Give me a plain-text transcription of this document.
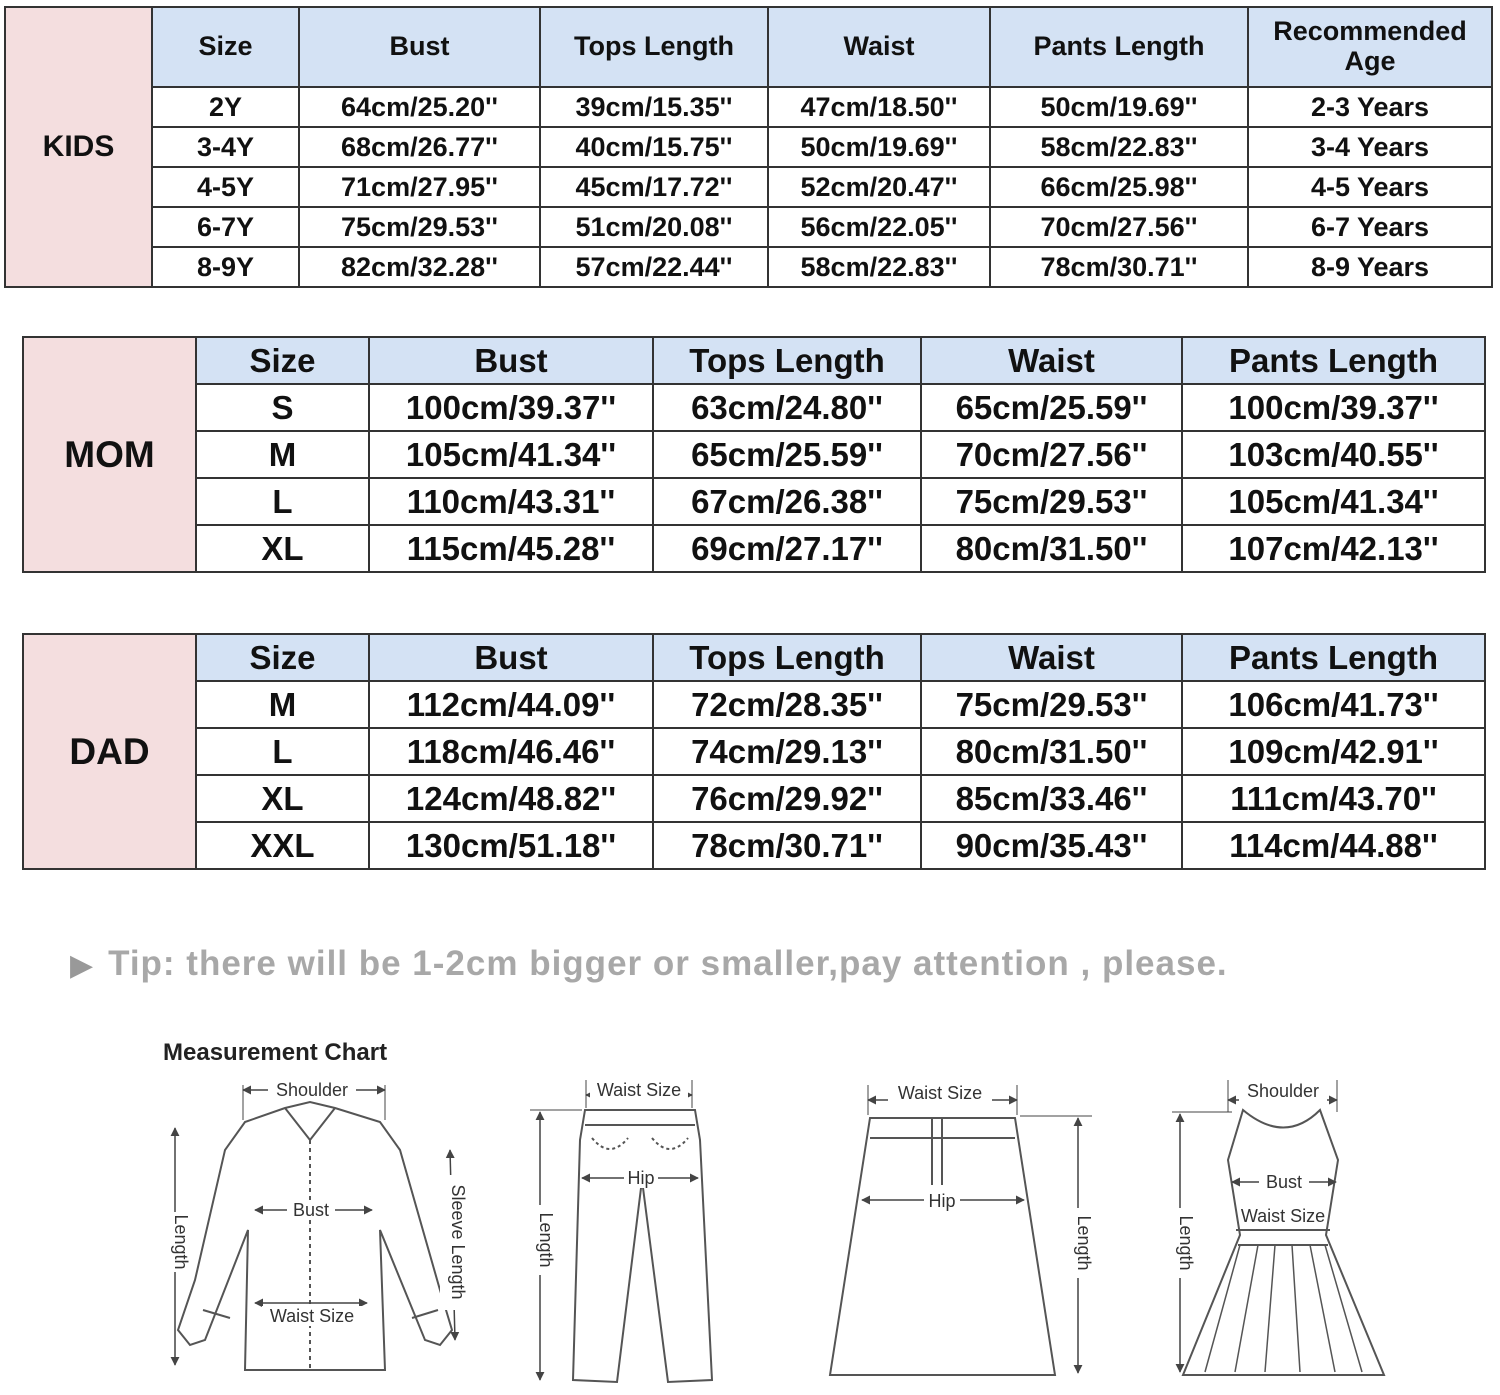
KIDS	Size	Bust	Tops Length	Waist	Pants Length	Recommended Age
	2Y	64cm/25.20''	39cm/15.35''	47cm/18.50''	50cm/19.69''	2-3 Years
	3-4Y	68cm/26.77''	40cm/15.75''	50cm/19.69''	58cm/22.83''	3-4 Years
	4-5Y	71cm/27.95''	45cm/17.72''	52cm/20.47''	66cm/25.98''	4-5 Years
	6-7Y	75cm/29.53''	51cm/20.08''	56cm/22.05''	70cm/27.56''	6-7 Years
	8-9Y	82cm/32.28''	57cm/22.44''	58cm/22.83''	78cm/30.71''	8-9 Years
MOM	Size	Bust	Tops Length	Waist	Pants Length
	S	100cm/39.37''	63cm/24.80''	65cm/25.59''	100cm/39.37''
	M	105cm/41.34''	65cm/25.59''	70cm/27.56''	103cm/40.55''
	L	110cm/43.31''	67cm/26.38''	75cm/29.53''	105cm/41.34''
	XL	115cm/45.28''	69cm/27.17''	80cm/31.50''	107cm/42.13''
DAD	Size	Bust	Tops Length	Waist	Pants Length
	M	112cm/44.09''	72cm/28.35''	75cm/29.53''	106cm/41.73''
	L	118cm/46.46''	74cm/29.13''	80cm/31.50''	109cm/42.91''
	XL	124cm/48.82''	76cm/29.92''	85cm/33.46''	111cm/43.70''
	XXL	130cm/51.18''	78cm/30.71''	90cm/35.43''	114cm/44.88''
▶ Tip: there will be 1-2cm bigger or smaller,pay attention , please.
Measurement Chart
Shoulder
Bust
Waist Size
Length	Sleeve Length
Waist Size
Hip
Length
Waist Size
Hip
Length
Shoulder
Bust
Waist Size
Length
